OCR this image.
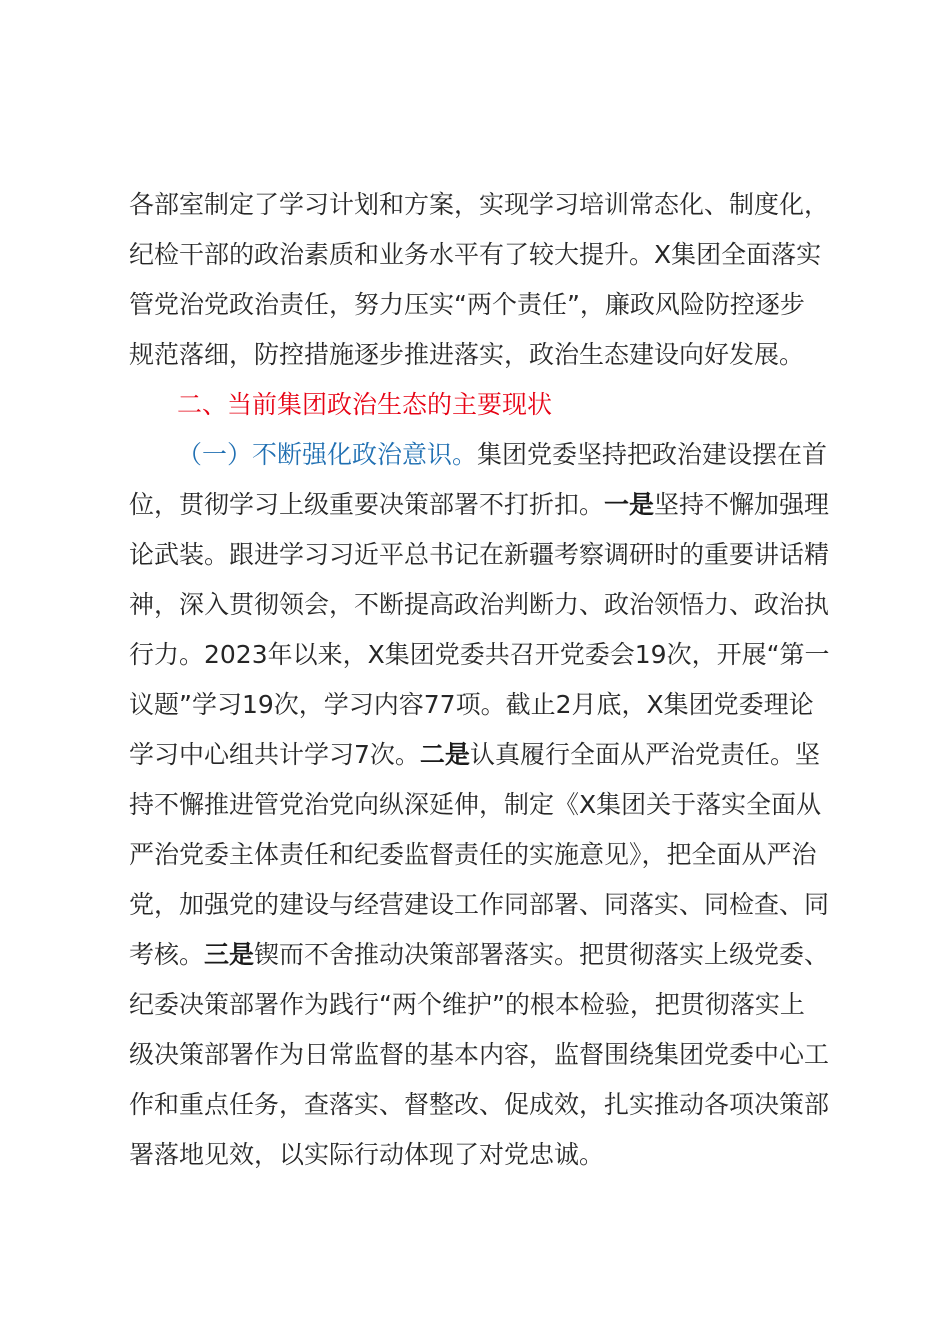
各部室制定了学习计划和方案，实现学习培训常态化、制度化，
纪检干部的政治素质和业务水平有了较大提升。X集团全面落实
管党治党政治责任，努力压实“两个责任”，廉政风险防控逐步
规范落细，防控措施逐步推进落实，政治生态建设向好发展。
二、当前集团政治生态的主要现状
（一）不断强化政治意识。集团党委坚持把政治建设摆在首
位，贯彻学习上级重要决策部署不打折扣。一是坚持不懈加强理
论武装。跟进学习习近平总书记在新疆考察调研时的重要讲话精
神，深入贯彻领会，不断提高政治判断力、政治领悟力、政治执
行力。2023年以来，X集团党委共召开党委会19次，开展“第一
议题”学习19次，学习内容77项。截止2月底，X集团党委理论
学习中心组共计学习7次。二是认真履行全面从严治党责任。坚
持不懈推进管党治党向纵深延伸，制定《X集团关于落实全面从
严治党委主体责任和纪委监督责任的实施意见》，把全面从严治
党，加强党的建设与经营建设工作同部署、同落实、同检查、同
考核。三是锲而不舍推动决策部署落实。把贯彻落实上级党委、
纪委决策部署作为践行“两个维护”的根本检验，把贯彻落实上
级决策部署作为日常监督的基本内容，监督围绕集团党委中心工
作和重点任务，查落实、督整改、促成效，扎实推动各项决策部
署落地见效，以实际行动体现了对党忠诚。
